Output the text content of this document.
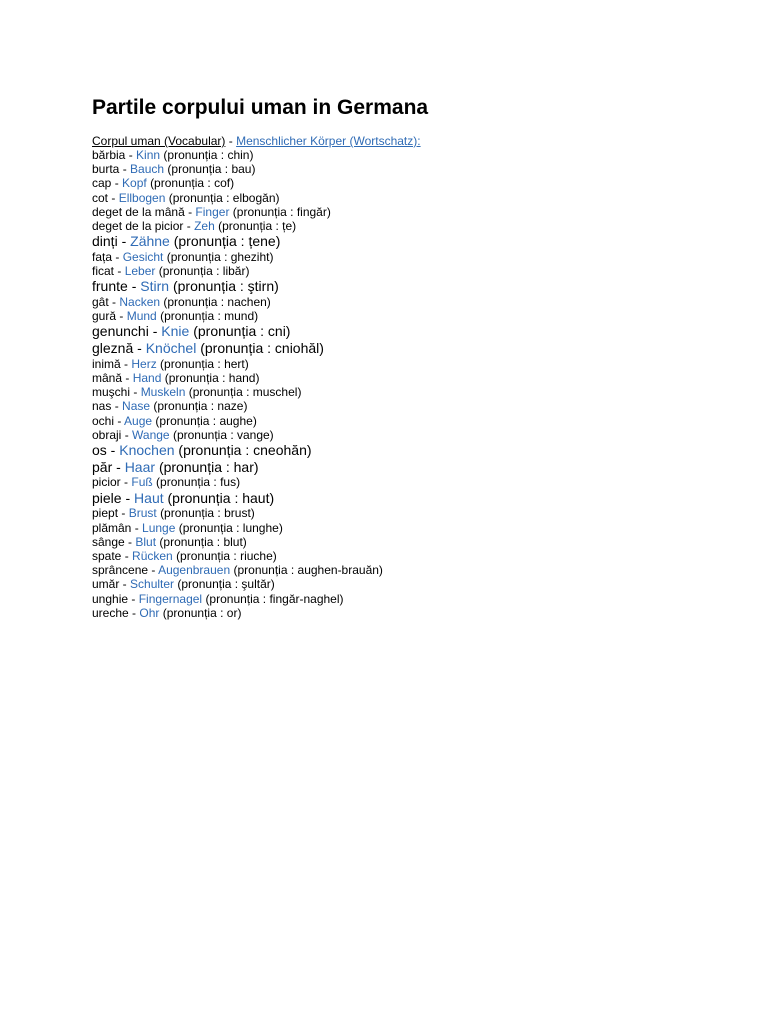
Partile corpului uman in Germana
Corpul uman (Vocabular) - Menschlicher Körper (Wortschatz):
bărbia - Kinn (pronunția : chin)
burta - Bauch (pronunția : bau)
cap - Kopf (pronunția : cof)
cot - Ellbogen (pronunția : elbogăn)
deget de la mână - Finger (pronunția : fingăr)
deget de la picior - Zeh (pronunția : țe)
dinți - Zähne (pronunția : țene)
fața - Gesicht (pronunția : gheziht)
ficat - Leber (pronunția : libăr)
frunte - Stirn (pronunția : ştirn)
gât - Nacken (pronunția : nachen)
gură - Mund (pronunția : mund)
genunchi - Knie (pronunția : cni)
gleznă - Knöchel (pronunția : cniohăl)
inimă - Herz (pronunția : hert)
mână - Hand (pronunția : hand)
muşchi - Muskeln (pronunția : muschel)
nas - Nase (pronunția : naze)
ochi - Auge (pronunția : aughe)
obraji - Wange (pronunția : vange)
os - Knochen (pronunția : cneohăn)
păr - Haar (pronunția : har)
picior - Fuß (pronunția : fus)
piele - Haut (pronunția : haut)
piept - Brust (pronunția : brust)
plămân - Lunge (pronunția : lunghe)
sânge - Blut (pronunția : blut)
spate - Rücken (pronunția : riuche)
sprâncene - Augenbrauen (pronunția : aughen-brauăn)
umăr - Schulter (pronunția : şultăr)
unghie - Fingernagel (pronunția : fingăr-naghel)
ureche - Ohr (pronunția : or)
